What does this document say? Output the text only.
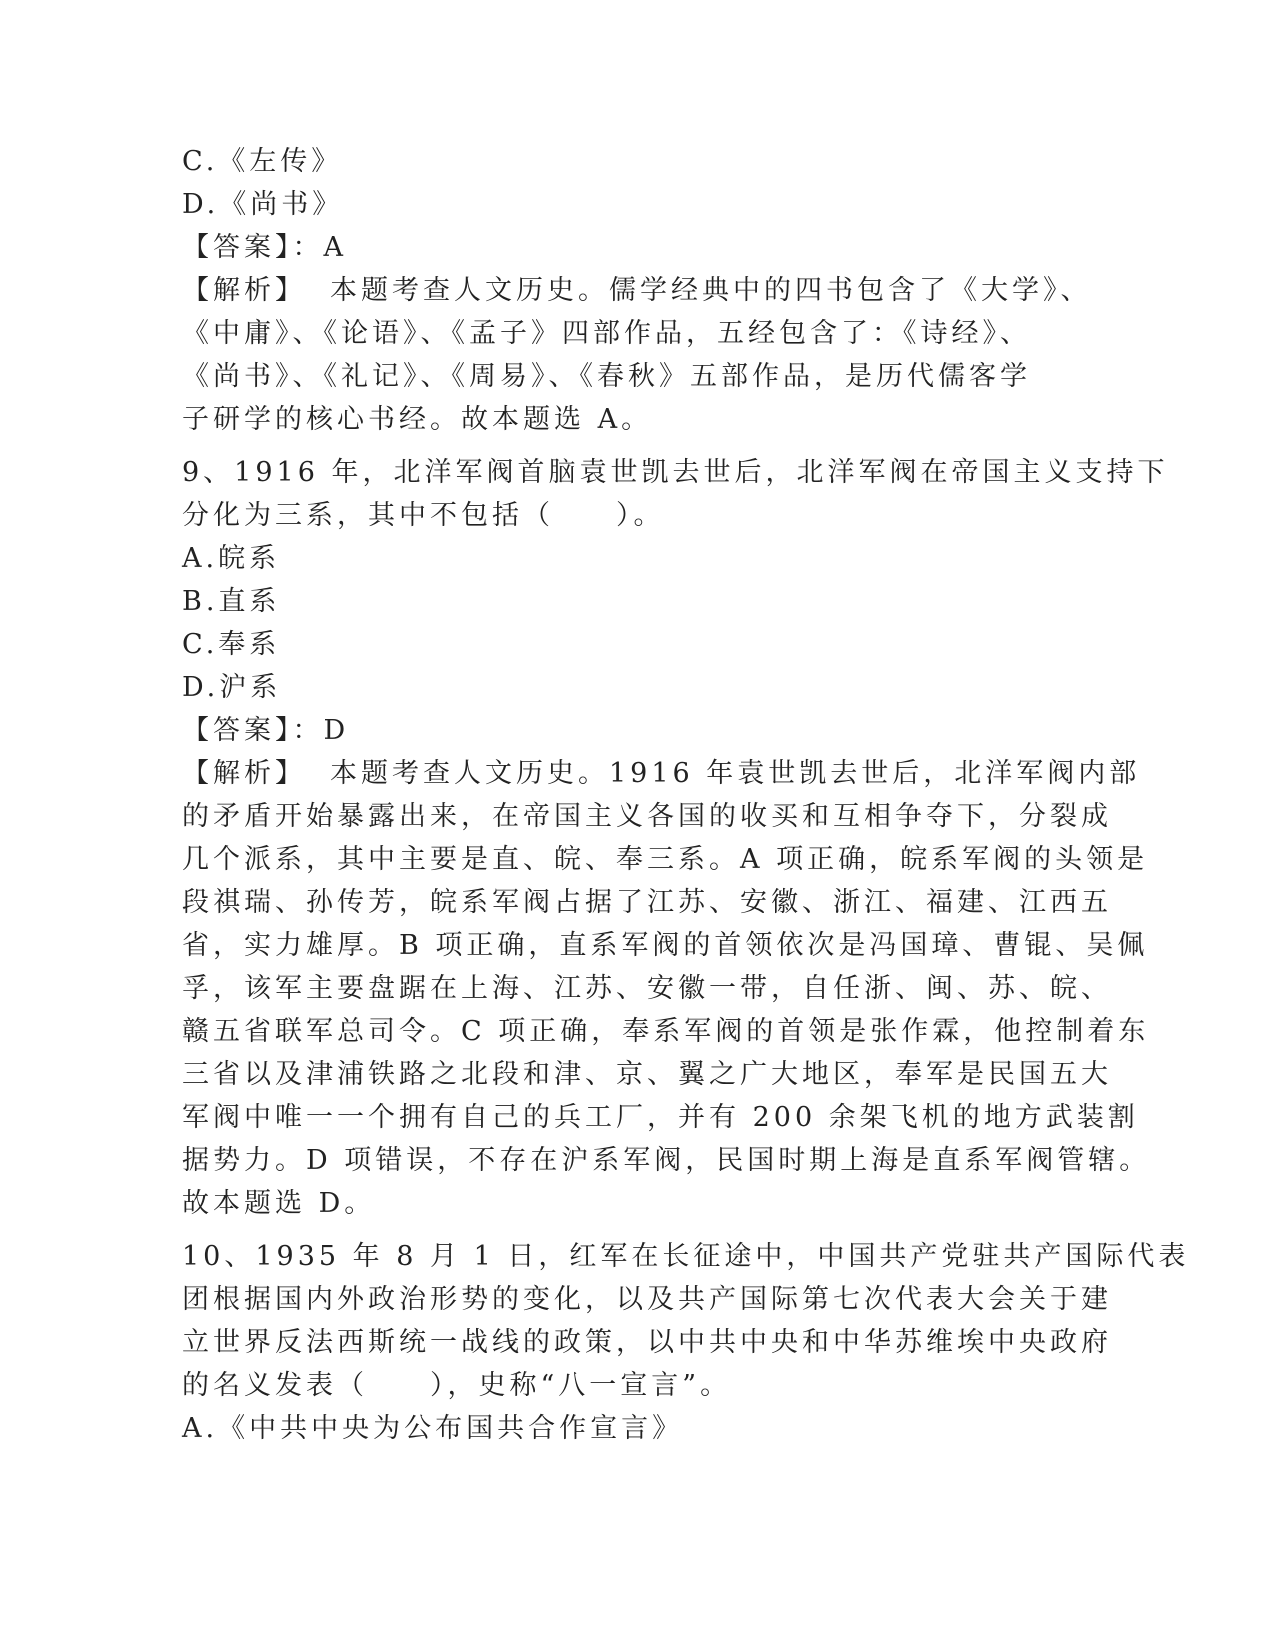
C.《左传》
D.《尚书》
【答案】：A
【解析】 本题考查人文历史。儒学经典中的四书包含了《大学》、
《中庸》、《论语》、《孟子》四部作品，五经包含了：《诗经》、
《尚书》、《礼记》、《周易》、《春秋》五部作品，是历代儒客学
子研学的核心书经。故本题选 A。
9、1916 年，北洋军阀首脑袁世凯去世后，北洋军阀在帝国主义支持下
分化为三系，其中不包括（　　）。
A.皖系
B.直系
C.奉系
D.沪系
【答案】：D
【解析】 本题考查人文历史。1916 年袁世凯去世后，北洋军阀内部
的矛盾开始暴露出来，在帝国主义各国的收买和互相争夺下，分裂成
几个派系，其中主要是直、皖、奉三系。A 项正确，皖系军阀的头领是
段祺瑞、孙传芳，皖系军阀占据了江苏、安徽、浙江、福建、江西五
省，实力雄厚。B 项正确，直系军阀的首领依次是冯国璋、曹锟、吴佩
孚，该军主要盘踞在上海、江苏、安徽一带，自任浙、闽、苏、皖、
赣五省联军总司令。C 项正确，奉系军阀的首领是张作霖，他控制着东
三省以及津浦铁路之北段和津、京、翼之广大地区，奉军是民国五大
军阀中唯一一个拥有自己的兵工厂，并有 200 余架飞机的地方武装割
据势力。D 项错误，不存在沪系军阀，民国时期上海是直系军阀管辖。
故本题选 D。
10、1935 年 8 月 1 日，红军在长征途中，中国共产党驻共产国际代表
团根据国内外政治形势的变化，以及共产国际第七次代表大会关于建
立世界反法西斯统一战线的政策，以中共中央和中华苏维埃中央政府
的名义发表（　　），史称“八一宣言”。
A.《中共中央为公布国共合作宣言》
